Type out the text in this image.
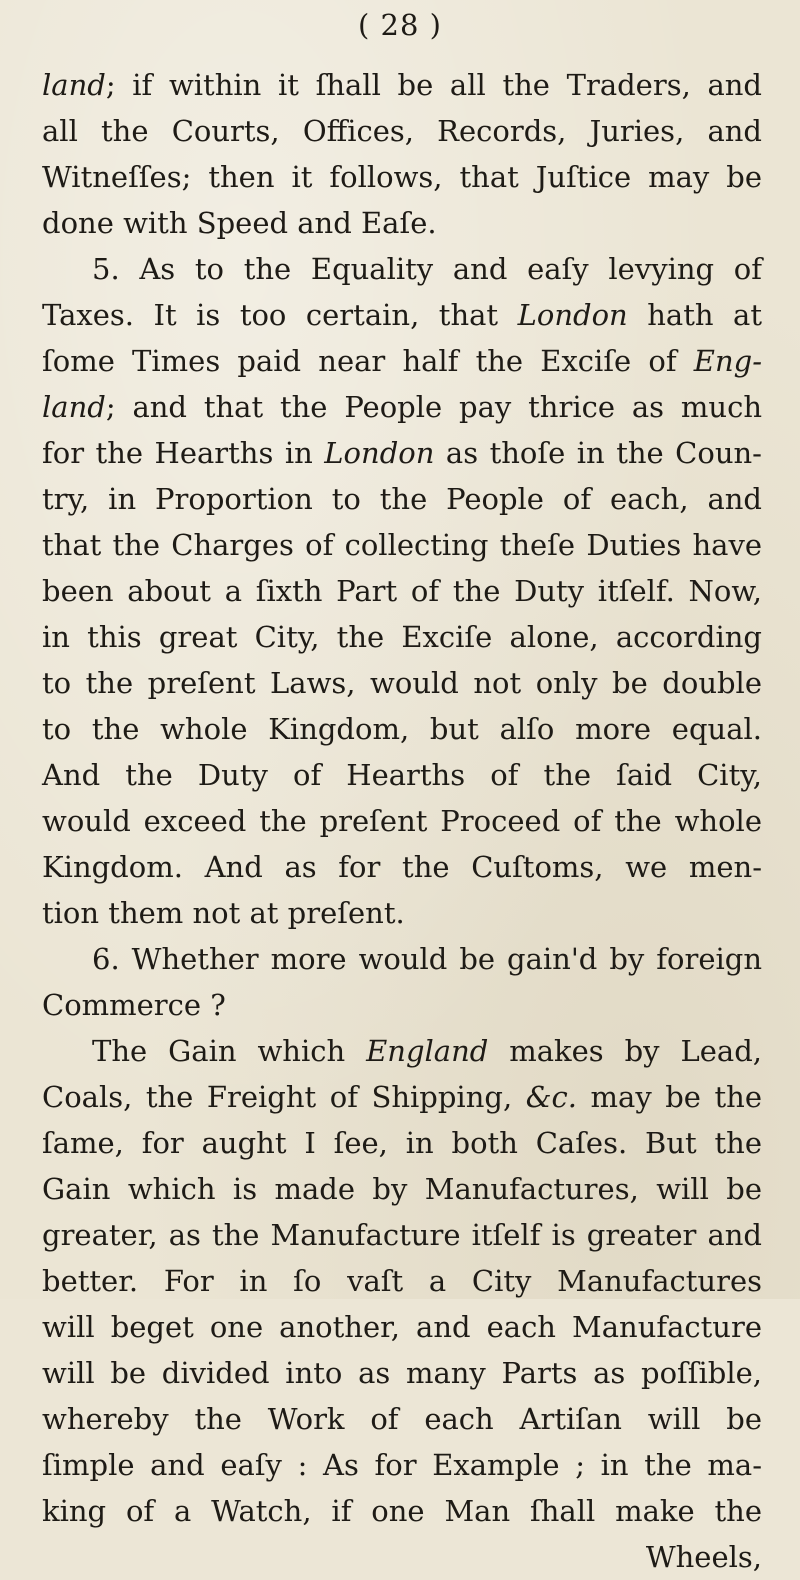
( 28 )
land; if within it ſhall be all the Traders, and
all the Courts, Offices, Records, Juries, and
Witneſſes; then it follows, that Juſtice may be
done with Speed and Eaſe.
5. As to the Equality and eaſy levying of
Taxes. It is too certain, that London hath at
ſome Times paid near half the Exciſe of Eng-
land; and that the People pay thrice as much
for the Hearths in London as thoſe in the Coun-
try, in Proportion to the People of each, and
that the Charges of collecting theſe Duties have
been about a ſixth Part of the Duty itſelf. Now,
in this great City, the Exciſe alone, according
to the preſent Laws, would not only be double
to the whole Kingdom, but alſo more equal.
And the Duty of Hearths of the ſaid City,
would exceed the preſent Proceed of the whole
Kingdom. And as for the Cuſtoms, we men-
tion them not at preſent.
6. Whether more would be gain'd by foreign
Commerce ?
The Gain which England makes by Lead,
Coals, the Freight of Shipping, &c. may be the
ſame, for aught I ſee, in both Caſes. But the
Gain which is made by Manufactures, will be
greater, as the Manufacture itſelf is greater and
better. For in ſo vaſt a City Manufactures
will beget one another, and each Manufacture
will be divided into as many Parts as poſſible,
whereby the Work of each Artiſan will be
ſimple and eaſy : As for Example ; in the ma-
king of a Watch, if one Man ſhall make the
Wheels,
